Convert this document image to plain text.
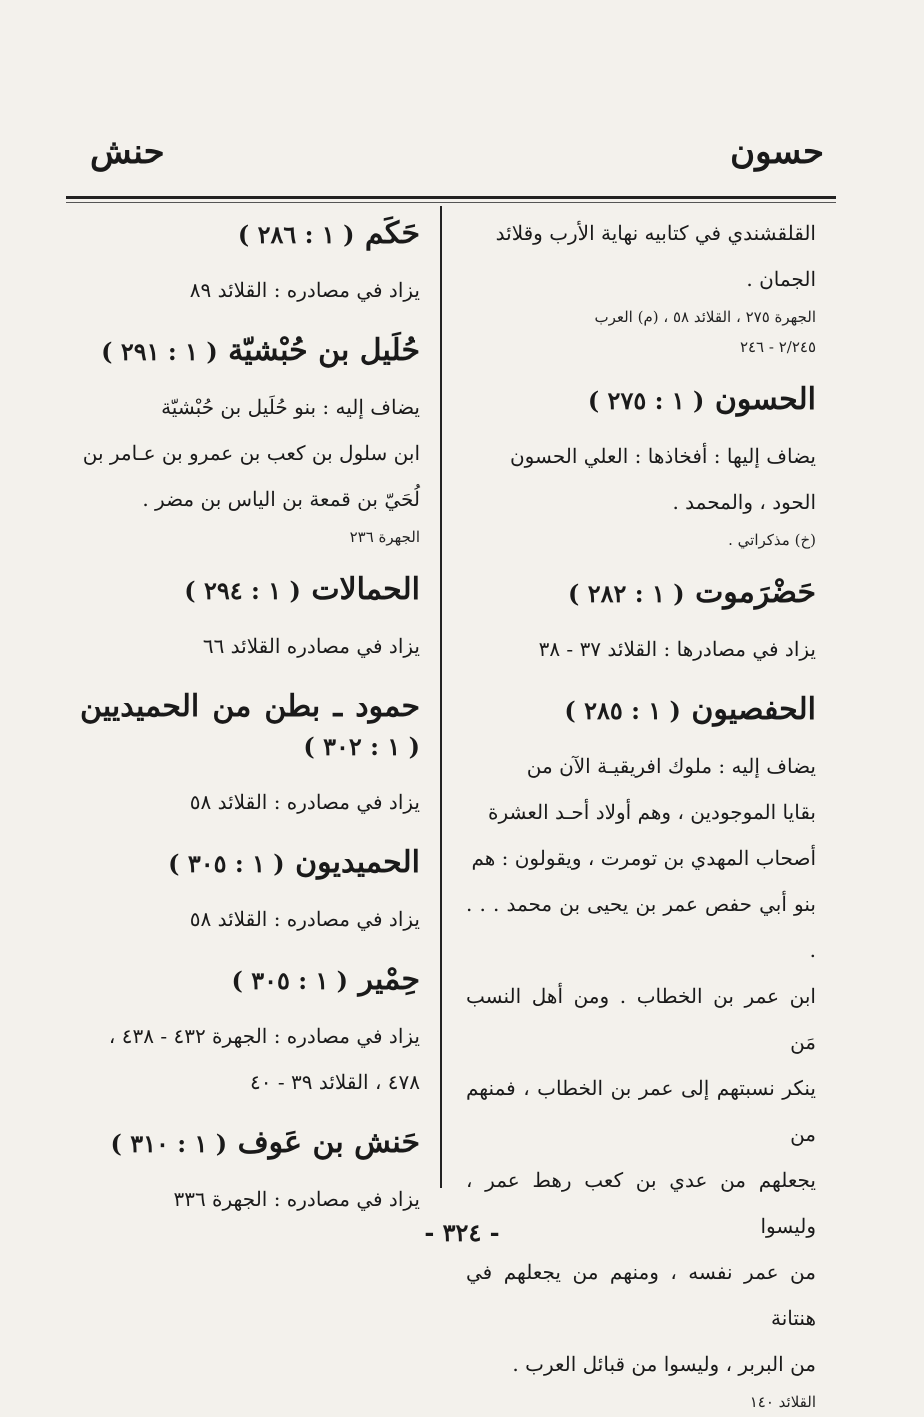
حسون
حنش
القلقشندي في كتابيه نهاية الأرب وقلائد
الجمان .
الجهرة ٢٧٥ ، القلائد ٥٨ ، (م) العرب
٢/٢٤٥ - ٢٤٦
الحسون ( ١ : ٢٧٥ )
يضاف إليها : أفخاذها : العلي الحسون
الحود ، والمحمد .
(خ) مذكراتي .
حَضْرَموت ( ١ : ٢٨٢ )
يزاد في مصادرها : القلائد ٣٧ - ٣٨
الحفصيون ( ١ : ٢٨٥ )
يضاف إليه : ملوك افريقيـة الآن من
بقايا الموجودين ، وهم أولاد أحـد العشرة
أصحاب المهدي بن تومرت ، ويقولون : هم
بنو أبي حفص عمر بن يحيى بن محمد . . . .
ابن عمر بن الخطاب . ومن أهل النسب مَن
ينكر نسبتهم إلى عمر بن الخطاب ، فمنهم من
يجعلهم من عدي بن كعب رهط عمر ، وليسوا
من عمر نفسه ، ومنهم من يجعلهم في هنتانة
من البربر ، وليسوا من قبائل العرب .
القلائد ١٤٠
حَكَم ( ١ : ٢٨٦ )
يزاد في مصادره : القلائد ٨٩
حُلَيل بن حُبْشيّة ( ١ : ٢٩١ )
يضاف إليه : بنو حُلَيل بن حُبْشيّة
ابن سلول بن كعب بن عمرو بن عـامر بن
لُحَيّ بن قمعة بن الياس بن مضر .
الجهرة ٢٣٦
الحمالات ( ١ : ٢٩٤ )
يزاد في مصادره القلائد ٦٦
حمود ـ بطن من الحميديين ( ١ : ٣٠٢ )
يزاد في مصادره : القلائد ٥٨
الحميديون ( ١ : ٣٠٥ )
يزاد في مصادره : القلائد ٥٨
حِمْير ( ١ : ٣٠٥ )
يزاد في مصادره : الجهرة ٤٣٢ - ٤٣٨ ،
٤٧٨ ، القلائد ٣٩ - ٤٠
حَنش بن عَوف ( ١ : ٣١٠ )
يزاد في مصادره : الجهرة ٣٣٦
- ٣٢٤ -
